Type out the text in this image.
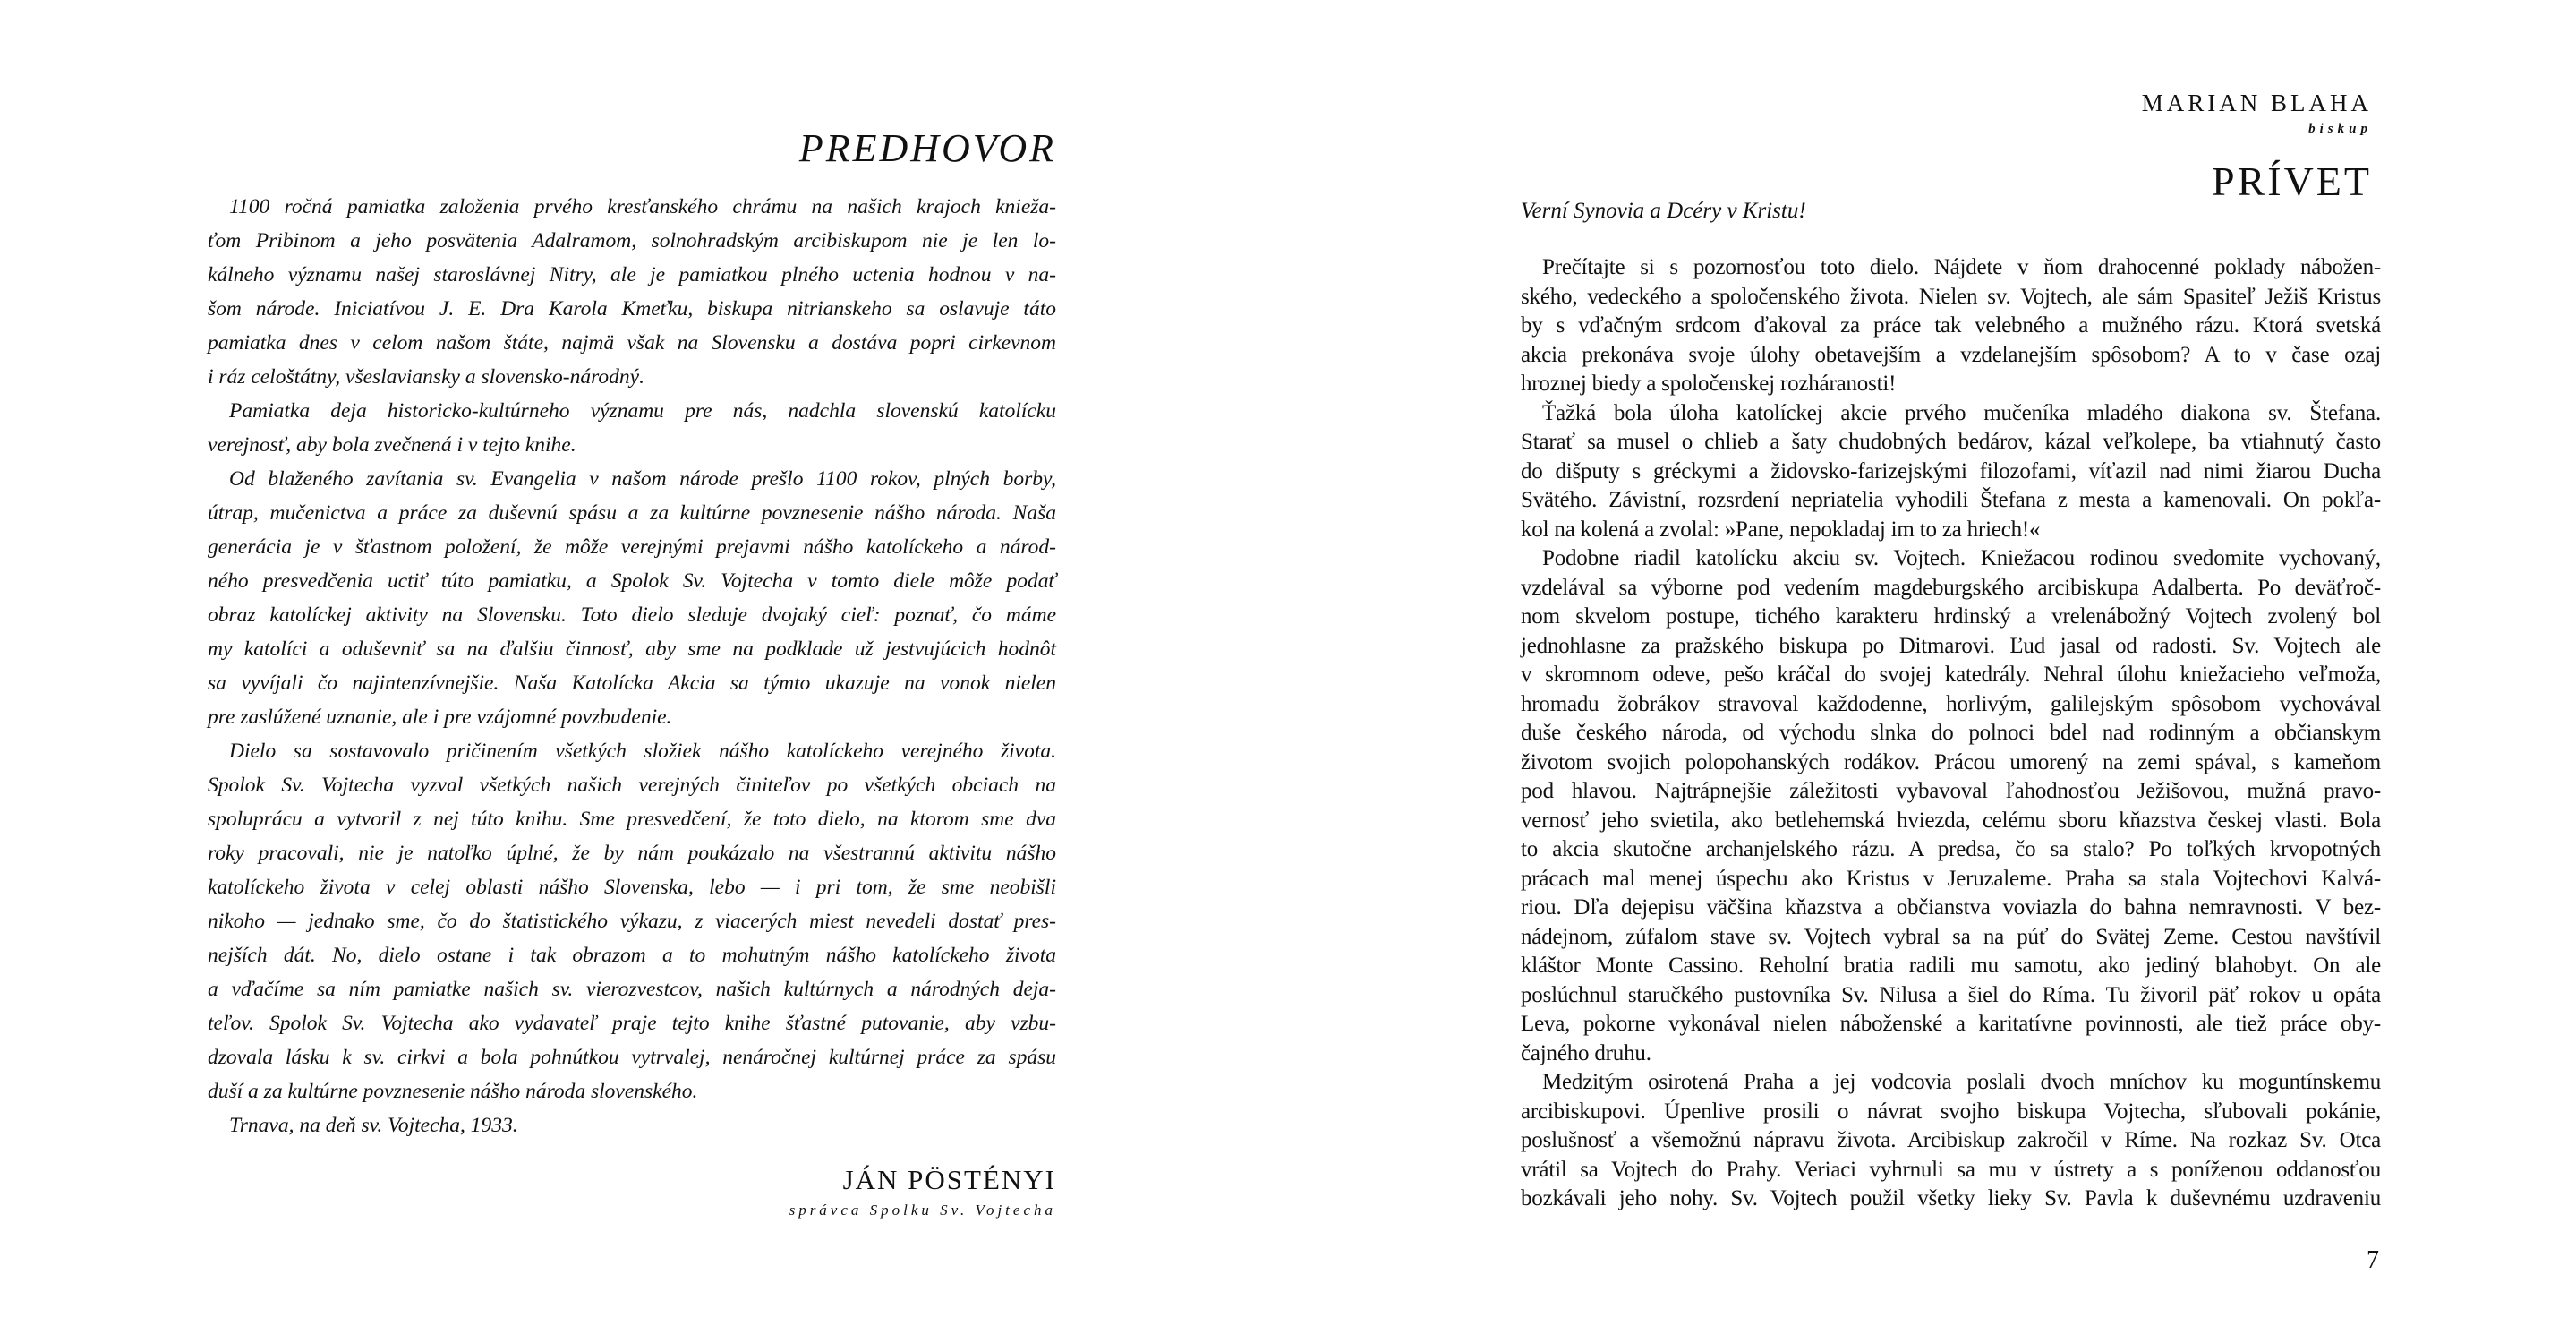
PREDHOVOR
1100 ročná pamiatka založenia prvého kresťanského chrámu na našich krajoch knieža-
ťom Pribinom a jeho posvätenia Adalramom, solnohradským arcibiskupom nie je len lo-
kálneho významu našej staroslávnej Nitry, ale je pamiatkou plného uctenia hodnou v na-
šom národe. Iniciatívou J. E. Dra Karola Kmeťku, biskupa nitrianskeho sa oslavuje táto
pamiatka dnes v celom našom štáte, najmä však na Slovensku a dostáva popri cirkevnom
i ráz celoštátny, všeslaviansky a slovensko-národný.
Pamiatka deja historicko-kultúrneho významu pre nás, nadchla slovenskú katolícku
verejnosť, aby bola zvečnená i v tejto knihe.
Od blaženého zavítania sv. Evangelia v našom národe prešlo 1100 rokov, plných borby,
útrap, mučenictva a práce za duševnú spásu a za kultúrne povznesenie nášho národa. Naša
generácia je v šťastnom položení, že môže verejnými prejavmi nášho katolíckeho a národ-
ného presvedčenia uctiť túto pamiatku, a Spolok Sv. Vojtecha v tomto diele môže podať
obraz katolíckej aktivity na Slovensku. Toto dielo sleduje dvojaký cieľ: poznať, čo máme
my katolíci a oduševniť sa na ďalšiu činnosť, aby sme na podklade už jestvujúcich hodnôt
sa vyvíjali čo najintenzívnejšie. Naša Katolícka Akcia sa týmto ukazuje na vonok nielen
pre zaslúžené uznanie, ale i pre vzájomné povzbudenie.
Dielo sa sostavovalo pričinením všetkých složiek nášho katolíckeho verejného života.
Spolok Sv. Vojtecha vyzval všetkých našich verejných činiteľov po všetkých obciach na
spoluprácu a vytvoril z nej túto knihu. Sme presvedčení, že toto dielo, na ktorom sme dva
roky pracovali, nie je natoľko úplné, že by nám poukázalo na všestrannú aktivitu nášho
katolíckeho života v celej oblasti nášho Slovenska, lebo — i pri tom, že sme neobišli
nikoho — jednako sme, čo do štatistického výkazu, z viacerých miest nevedeli dostať pres-
nejších dát. No, dielo ostane i tak obrazom a to mohutným nášho katolíckeho života
a vďačíme sa ním pamiatke našich sv. vierozvestcov, našich kultúrnych a národných deja-
teľov. Spolok Sv. Vojtecha ako vydavateľ praje tejto knihe šťastné putovanie, aby vzbu-
dzovala lásku k sv. cirkvi a bola pohnútkou vytrvalej, nenáročnej kultúrnej práce za spásu
duší a za kultúrne povznesenie nášho národa slovenského.
Trnava, na deň sv. Vojtecha, 1933.
JÁN PÖSTÉNYI
správca Spolku Sv. Vojtecha
MARIAN BLAHA
biskup
PRÍVET
Verní Synovia a Dcéry v Kristu!
Prečítajte si s pozornosťou toto dielo. Nájdete v ňom drahocenné poklady nábožen-
ského, vedeckého a spoločenského života. Nielen sv. Vojtech, ale sám Spasiteľ Ježiš Kristus
by s vďačným srdcom ďakoval za práce tak velebného a mužného rázu. Ktorá svetská
akcia prekonáva svoje úlohy obetavejším a vzdelanejším spôsobom? A to v čase ozaj
hroznej biedy a spoločenskej rozháranosti!
Ťažká bola úloha katolíckej akcie prvého mučeníka mladého diakona sv. Štefana.
Starať sa musel o chlieb a šaty chudobných bedárov, kázal veľkolepe, ba vtiahnutý často
do dišputy s gréckymi a židovsko-farizejskými filozofami, víťazil nad nimi žiarou Ducha
Svätého. Závistní, rozsrdení nepriatelia vyhodili Štefana z mesta a kamenovali. On pokľa-
kol na kolená a zvolal: »Pane, nepokladaj im to za hriech!«
Podobne riadil katolícku akciu sv. Vojtech. Kniežacou rodinou svedomite vychovaný,
vzdelával sa výborne pod vedením magdeburgského arcibiskupa Adalberta. Po deväťroč-
nom skvelom postupe, tichého karakteru hrdinský a vrelenábožný Vojtech zvolený bol
jednohlasne za pražského biskupa po Ditmarovi. Ľud jasal od radosti. Sv. Vojtech ale
v skromnom odeve, pešo kráčal do svojej katedrály. Nehral úlohu kniežacieho veľmoža,
hromadu žobrákov stravoval každodenne, horlivým, galilejským spôsobom vychovával
duše českého národa, od východu slnka do polnoci bdel nad rodinným a občianskym
životom svojich polopohanských rodákov. Prácou umorený na zemi spával, s kameňom
pod hlavou. Najtrápnejšie záležitosti vybavoval ľahodnosťou Ježišovou, mužná pravo-
vernosť jeho svietila, ako betlehemská hviezda, celému sboru kňazstva českej vlasti. Bola
to akcia skutočne archanjelského rázu. A predsa, čo sa stalo? Po toľkých krvopotných
prácach mal menej úspechu ako Kristus v Jeruzaleme. Praha sa stala Vojtechovi Kalvá-
riou. Dľa dejepisu väčšina kňazstva a občianstva voviazla do bahna nemravnosti. V bez-
nádejnom, zúfalom stave sv. Vojtech vybral sa na púť do Svätej Zeme. Cestou navštívil
kláštor Monte Cassino. Reholní bratia radili mu samotu, ako jediný blahobyt. On ale
poslúchnul staručkého pustovníka Sv. Nilusa a šiel do Ríma. Tu živoril päť rokov u opáta
Leva, pokorne vykonával nielen náboženské a karitatívne povinnosti, ale tiež práce oby-
čajného druhu.
Medzitým osirotená Praha a jej vodcovia poslali dvoch mníchov ku moguntínskemu
arcibiskupovi. Úpenlive prosili o návrat svojho biskupa Vojtecha, sľubovali pokánie,
poslušnosť a všemožnú nápravu života. Arcibiskup zakročil v Ríme. Na rozkaz Sv. Otca
vrátil sa Vojtech do Prahy. Veriaci vyhrnuli sa mu v ústrety a s poníženou oddanosťou
bozkávali jeho nohy. Sv. Vojtech použil všetky lieky Sv. Pavla k duševnému uzdraveniu
7
